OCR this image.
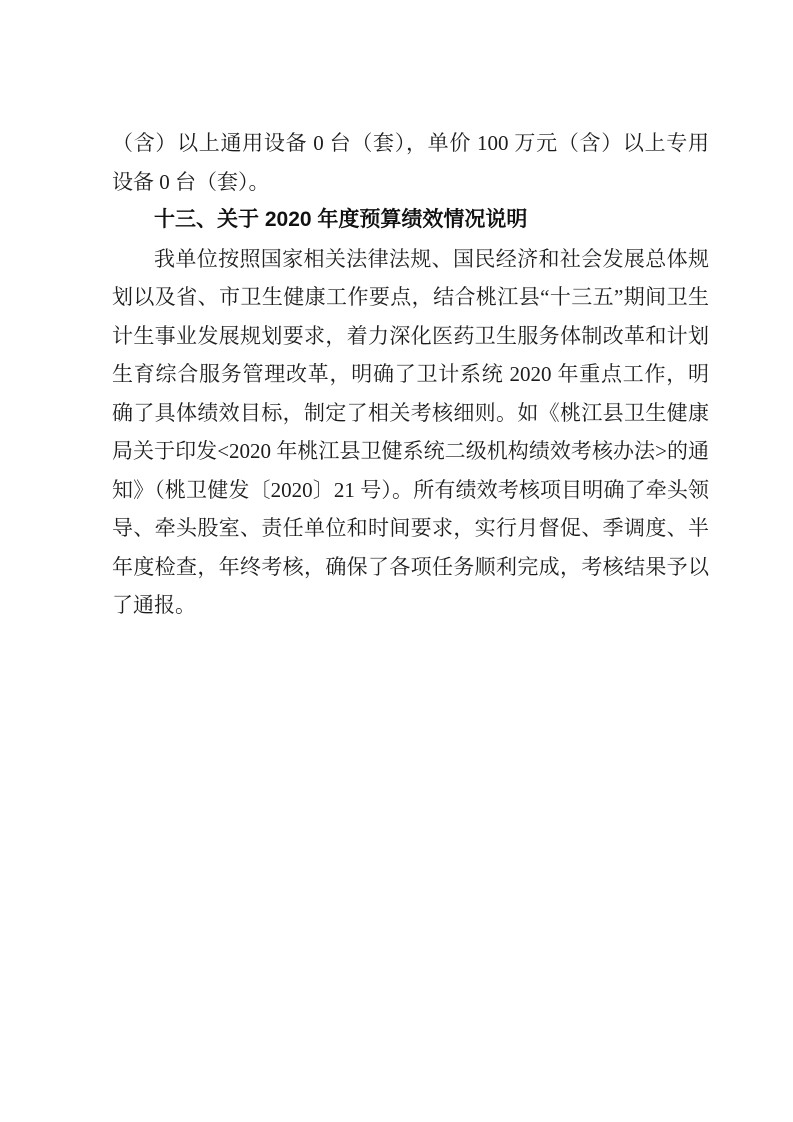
（含）以上通用设备 0 台（套），单价 100 万元（含）以上专用设备 0 台（套）。

十三、关于 2020 年度预算绩效情况说明

我单位按照国家相关法律法规、国民经济和社会发展总体规划以及省、市卫生健康工作要点，结合桃江县“十三五”期间卫生计生事业发展规划要求，着力深化医药卫生服务体制改革和计划生育综合服务管理改革，明确了卫计系统 2020 年重点工作，明确了具体绩效目标，制定了相关考核细则。如《桃江县卫生健康局关于印发<2020 年桃江县卫健系统二级机构绩效考核办法>的通知》（桃卫健发〔2020〕21 号）。所有绩效考核项目明确了牵头领导、牵头股室、责任单位和时间要求，实行月督促、季调度、半年度检查，年终考核，确保了各项任务顺利完成，考核结果予以了通报。
